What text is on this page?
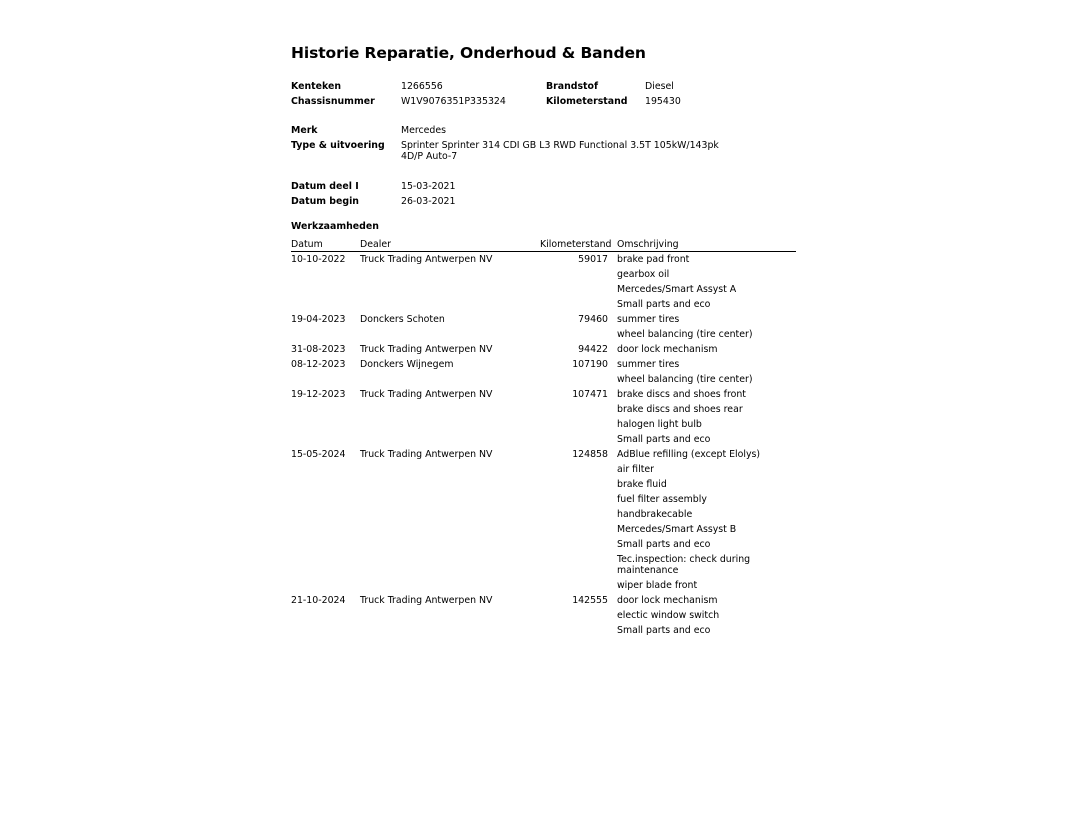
Historie Reparatie, Onderhoud & Banden
Kenteken	1266556	Brandstof	Diesel
Chassisnummer	W1V9076351P335324	Kilometerstand 195430
Merk	Mercedes
Type & uitvoering Sprinter Sprinter 314 CDI GB L3 RWD Functional 3.5T 105kW/143pk
4D/P Auto-7
Datum deel I	15-03-2021
Datum begin	26-03-2021
Werkzaamheden
Datum	Dealer	Kilometerstand Omschrijving
10-10-2022 Truck Trading Antwerpen NV	59017 brake pad front
gearbox oil
Mercedes/Smart Assyst A
Small parts and eco
19-04-2023 Donckers Schoten	79460 summer tires
wheel balancing (tire center)
31-08-2023 Truck Trading Antwerpen NV	94422 door lock mechanism
08-12-2023 Donckers Wijnegem	107190 summer tires
wheel balancing (tire center)
19-12-2023 Truck Trading Antwerpen NV	107471 brake discs and shoes front
brake discs and shoes rear
halogen light bulb
Small parts and eco
15-05-2024 Truck Trading Antwerpen NV	124858 AdBlue refilling (except Elolys)
air filter
brake fluid
fuel filter assembly
handbrakecable
Mercedes/Smart Assyst B
Small parts and eco
Tec.inspection: check during maintenance
wiper blade front
21-10-2024 Truck Trading Antwerpen NV	142555 door lock mechanism
electic window switch
Small parts and eco
